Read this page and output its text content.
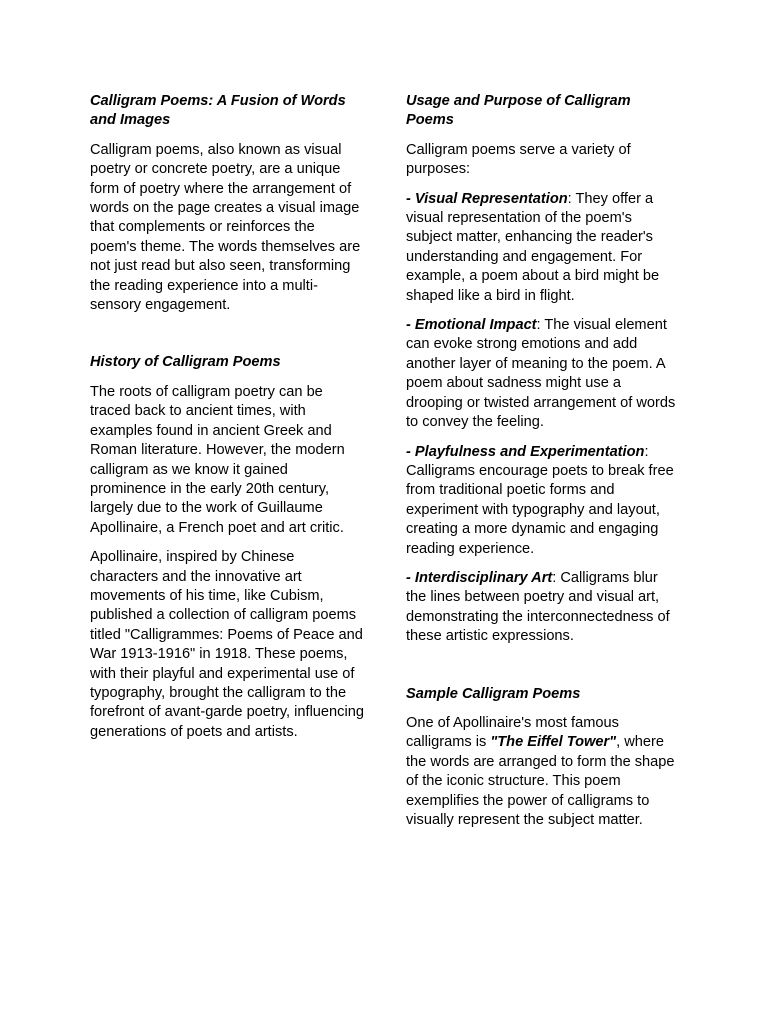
Calligram Poems: A Fusion of Words and Images

Calligram poems, also known as visual poetry or concrete poetry, are a unique form of poetry where the arrangement of words on the page creates a visual image that complements or reinforces the poem's theme. The words themselves are not just read but also seen, transforming the reading experience into a multi-sensory engagement.

History of Calligram Poems

The roots of calligram poetry can be traced back to ancient times, with examples found in ancient Greek and Roman literature. However, the modern calligram as we know it gained prominence in the early 20th century, largely due to the work of Guillaume Apollinaire, a French poet and art critic.

Apollinaire, inspired by Chinese characters and the innovative art movements of his time, like Cubism, published a collection of calligram poems titled "Calligrammes: Poems of Peace and War 1913-1916" in 1918. These poems, with their playful and experimental use of typography, brought the calligram to the forefront of avant-garde poetry, influencing generations of poets and artists.

Usage and Purpose of Calligram Poems

Calligram poems serve a variety of purposes:

- Visual Representation: They offer a visual representation of the poem's subject matter, enhancing the reader's understanding and engagement. For example, a poem about a bird might be shaped like a bird in flight.

- Emotional Impact: The visual element can evoke strong emotions and add another layer of meaning to the poem. A poem about sadness might use a drooping or twisted arrangement of words to convey the feeling.

- Playfulness and Experimentation: Calligrams encourage poets to break free from traditional poetic forms and experiment with typography and layout, creating a more dynamic and engaging reading experience.

- Interdisciplinary Art: Calligrams blur the lines between poetry and visual art, demonstrating the interconnectedness of these artistic expressions.

Sample Calligram Poems

One of Apollinaire's most famous calligrams is "The Eiffel Tower", where the words are arranged to form the shape of the iconic structure. This poem exemplifies the power of calligrams to visually represent the subject matter.
